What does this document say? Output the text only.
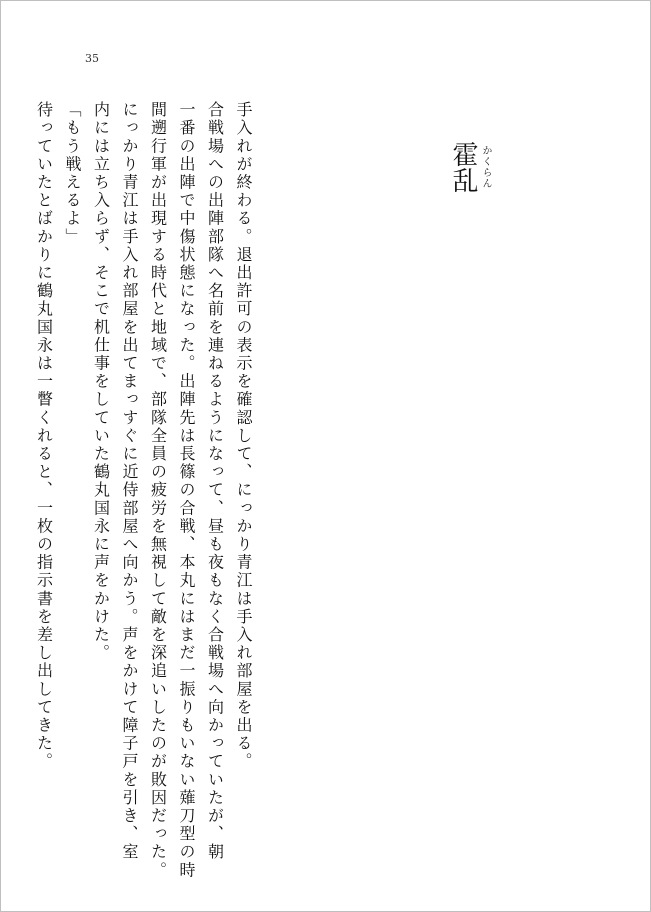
35
霍乱 かくらん
手入れが終わる。退出許可の表示を確認して、にっかり青江は手入れ部屋を出る。
合戦場への出陣部隊へ名前を連ねるようになって、昼も夜もなく合戦場へ向かっていたが、朝
一番の出陣で中傷状態になった。出陣先は長篠の合戦、本丸にはまだ一振りもいない薙刀型の時
間遡行軍が出現する時代と地域で、部隊全員の疲労を無視して敵を深追いしたのが敗因だった。
にっかり青江は手入れ部屋を出てまっすぐに近侍部屋へ向かう。声をかけて障子戸を引き、室
内には立ち入らず、そこで机仕事をしていた鶴丸国永に声をかけた。
「もう戦えるよ」
待っていたとばかりに鶴丸国永は一瞥くれると、一枚の指示書を差し出してきた。
